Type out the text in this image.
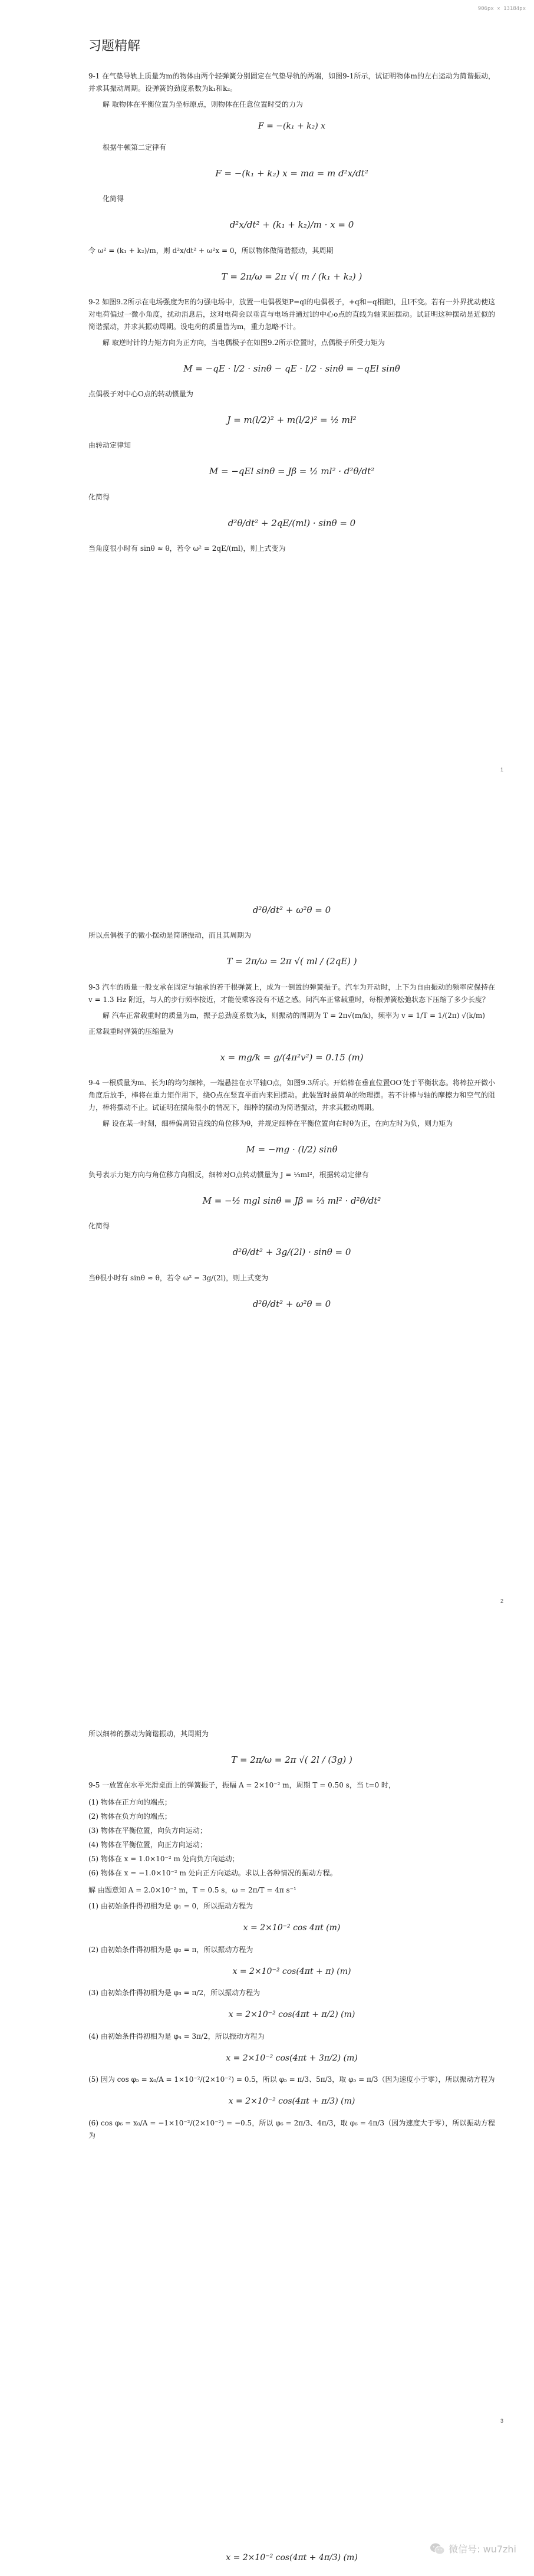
906px × 13184px
习题精解

9-1 在气垫导轨上质量为m的物体由两个轻弹簧分别固定在气垫导轨的两端，如图9-1所示，试证明物体m的左右运动为简谐振动，并求其振动周期。设弹簧的劲度系数为k₁和k₂。

解 取物体在平衡位置为坐标原点，则物体在任意位置时受的力为

F = −(k₁ + k₂) x

根据牛顿第二定律有

F = −(k₁ + k₂) x = ma = m d²x/dt²

化简得

d²x/dt² + (k₁ + k₂)/m · x = 0

令 ω² = (k₁ + k₂)/m，则 d²x/dt² + ω²x = 0，所以物体做简谐振动，其周期

T = 2π/ω = 2π √( m / (k₁ + k₂) )

9-2 如图9.2所示在电场强度为E的匀强电场中，放置一电偶极矩P=ql的电偶极子，+q和−q相距l，且l不变。若有一外界扰动使这对电荷偏过一微小角度，扰动消息后，这对电荷会以垂直与电场并通过l的中心o点的直线为轴来回摆动。试证明这种摆动是近似的简谐振动，并求其振动周期。设电荷的质量皆为m，重力忽略不计。

解 取逆时针的力矩方向为正方向，当电偶极子在如图9.2所示位置时，点偶极子所受力矩为

M = −qE · l/2 · sinθ − qE · l/2 · sinθ = −qEl sinθ

点偶极子对中心O点的转动惯量为

J = m(l/2)² + m(l/2)² = ½ ml²

由转动定律知

M = −qEl sinθ = Jβ = ½ ml² · d²θ/dt²

化简得

d²θ/dt² + 2qE/(ml) · sinθ = 0

当角度很小时有 sinθ ≈ θ，若令 ω² = 2qE/(ml)，则上式变为

1
d²θ/dt² + ω²θ = 0

所以点偶极子的微小摆动是简谐振动，而且其周期为

T = 2π/ω = 2π √( ml / (2qE) )

9-3 汽车的质量一般支承在固定与轴承的若干根弹簧上，成为一倒置的弹簧振子。汽车为开动时，上下为自由振动的频率应保持在 v = 1.3 Hz 附近，与人的步行频率接近，才能使乘客没有不适之感。问汽车正常载重时，每根弹簧松弛状态下压缩了多少长度？

解 汽车正常载重时的质量为m，振子总劲度系数为k，则振动的周期为 T = 2π√(m/k)，频率为 v = 1/T = 1/(2π) √(k/m)

正常载重时弹簧的压缩量为

x = mg/k = g/(4π²v²) = 0.15 (m)

9-4 一根质量为m、长为l的均匀细棒，一端悬挂在水平轴O点，如图9.3所示。开始棒在垂直位置OO′处于平衡状态。将棒拉开微小角度后放手，棒将在重力矩作用下，绕O点在竖直平面内来回摆动。此装置时最简单的物理摆。若不计棒与轴的摩擦力和空气的阻力，棒将摆动不止。试证明在摆角很小的情况下，细棒的摆动为简谐振动，并求其振动周期。

解 设在某一时刻，细棒偏离铅直线的角位移为θ，并规定细棒在平衡位置向右时θ为正，在向左时为负，则力矩为

M = −mg · (l/2) sinθ

负号表示力矩方向与角位移方向相反，细棒对O点转动惯量为 J = ⅓ml²，根据转动定律有

M = −½ mgl sinθ = Jβ = ⅓ ml² · d²θ/dt²

化简得

d²θ/dt² + 3g/(2l) · sinθ = 0

当θ很小时有 sinθ ≈ θ，若令 ω² = 3g/(2l)，则上式变为

d²θ/dt² + ω²θ = 0
2

所以细棒的摆动为简谐振动，其周期为

T = 2π/ω = 2π √( 2l / (3g) )

9-5 一放置在水平光滑桌面上的弹簧振子，振幅 A = 2×10⁻² m，周期 T = 0.50 s，当 t=0 时，

(1) 物体在正方向的端点；
(2) 物体在负方向的端点；
(3) 物体在平衡位置，向负方向运动；
(4) 物体在平衡位置，向正方向运动；
(5) 物体在 x = 1.0×10⁻² m 处向负方向运动；
(6) 物体在 x = −1.0×10⁻² m 处向正方向运动。求以上各种情况的振动方程。

解 由题意知 A = 2.0×10⁻² m，T = 0.5 s，ω = 2π/T = 4π s⁻¹

(1) 由初始条件得初相为是 φ₁ = 0，所以振动方程为

x = 2×10⁻² cos 4πt (m)

(2) 由初始条件得初相为是 φ₂ = π，所以振动方程为

x = 2×10⁻² cos(4πt + π) (m)

(3) 由初始条件得初相为是 φ₃ = π/2，所以振动方程为

x = 2×10⁻² cos(4πt + π/2) (m)

(4) 由初始条件得初相为是 φ₄ = 3π/2，所以振动方程为

x = 2×10⁻² cos(4πt + 3π/2) (m)

(5) 因为 cos φ₅ = x₀/A = 1×10⁻²/(2×10⁻²) = 0.5，所以 φ₅ = π/3、5π/3，取 φ₅ = π/3（因为速度小于零），所以振动方程为

x = 2×10⁻² cos(4πt + π/3) (m)

(6) cos φ₆ = x₀/A = −1×10⁻²/(2×10⁻²) = −0.5，所以 φ₆ = 2π/3、4π/3，取 φ₆ = 4π/3（因为速度大于零），所以振动方程为

3
x = 2×10⁻² cos(4πt + 4π/3) (m)
微信号: wu7zhi
